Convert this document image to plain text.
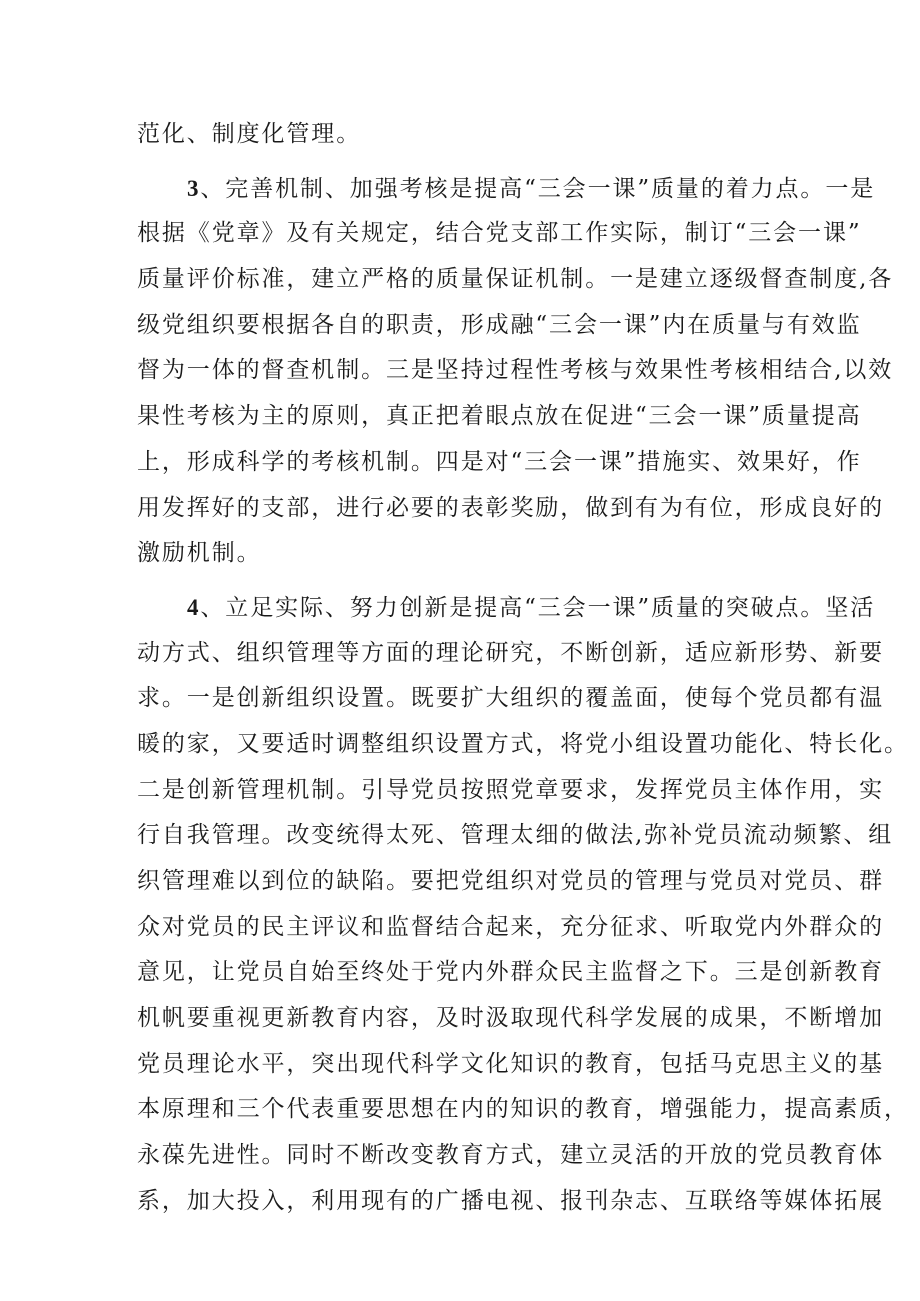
范化、制度化管理。
3、完善机制、加强考核是提高“三会一课”质量的着力点。一是
根据《党章》及有关规定，结合党支部工作实际，制订“三会一课”
质量评价标准，建立严格的质量保证机制。一是建立逐级督查制度,各
级党组织要根据各自的职责，形成融“三会一课”内在质量与有效监
督为一体的督查机制。三是坚持过程性考核与效果性考核相结合,以效
果性考核为主的原则，真正把着眼点放在促进“三会一课”质量提高
上，形成科学的考核机制。四是对“三会一课”措施实、效果好，作
用发挥好的支部，进行必要的表彰奖励，做到有为有位，形成良好的
激励机制。
4、立足实际、努力创新是提高“三会一课”质量的突破点。坚活
动方式、组织管理等方面的理论研究，不断创新，适应新形势、新要
求。一是创新组织设置。既要扩大组织的覆盖面，使每个党员都有温
暖的家，又要适时调整组织设置方式，将党小组设置功能化、特长化。
二是创新管理机制。引导党员按照党章要求，发挥党员主体作用，实
行自我管理。改变统得太死、管理太细的做法,弥补党员流动频繁、组
织管理难以到位的缺陷。要把党组织对党员的管理与党员对党员、群
众对党员的民主评议和监督结合起来，充分征求、听取党内外群众的
意见，让党员自始至终处于党内外群众民主监督之下。三是创新教育
机帆要重视更新教育内容，及时汲取现代科学发展的成果，不断增加
党员理论水平，突出现代科学文化知识的教育，包括马克思主义的基
本原理和三个代表重要思想在内的知识的教育，增强能力，提高素质，
永葆先进性。同时不断改变教育方式，建立灵活的开放的党员教育体
系，加大投入，利用现有的广播电视、报刊杂志、互联络等媒体拓展
